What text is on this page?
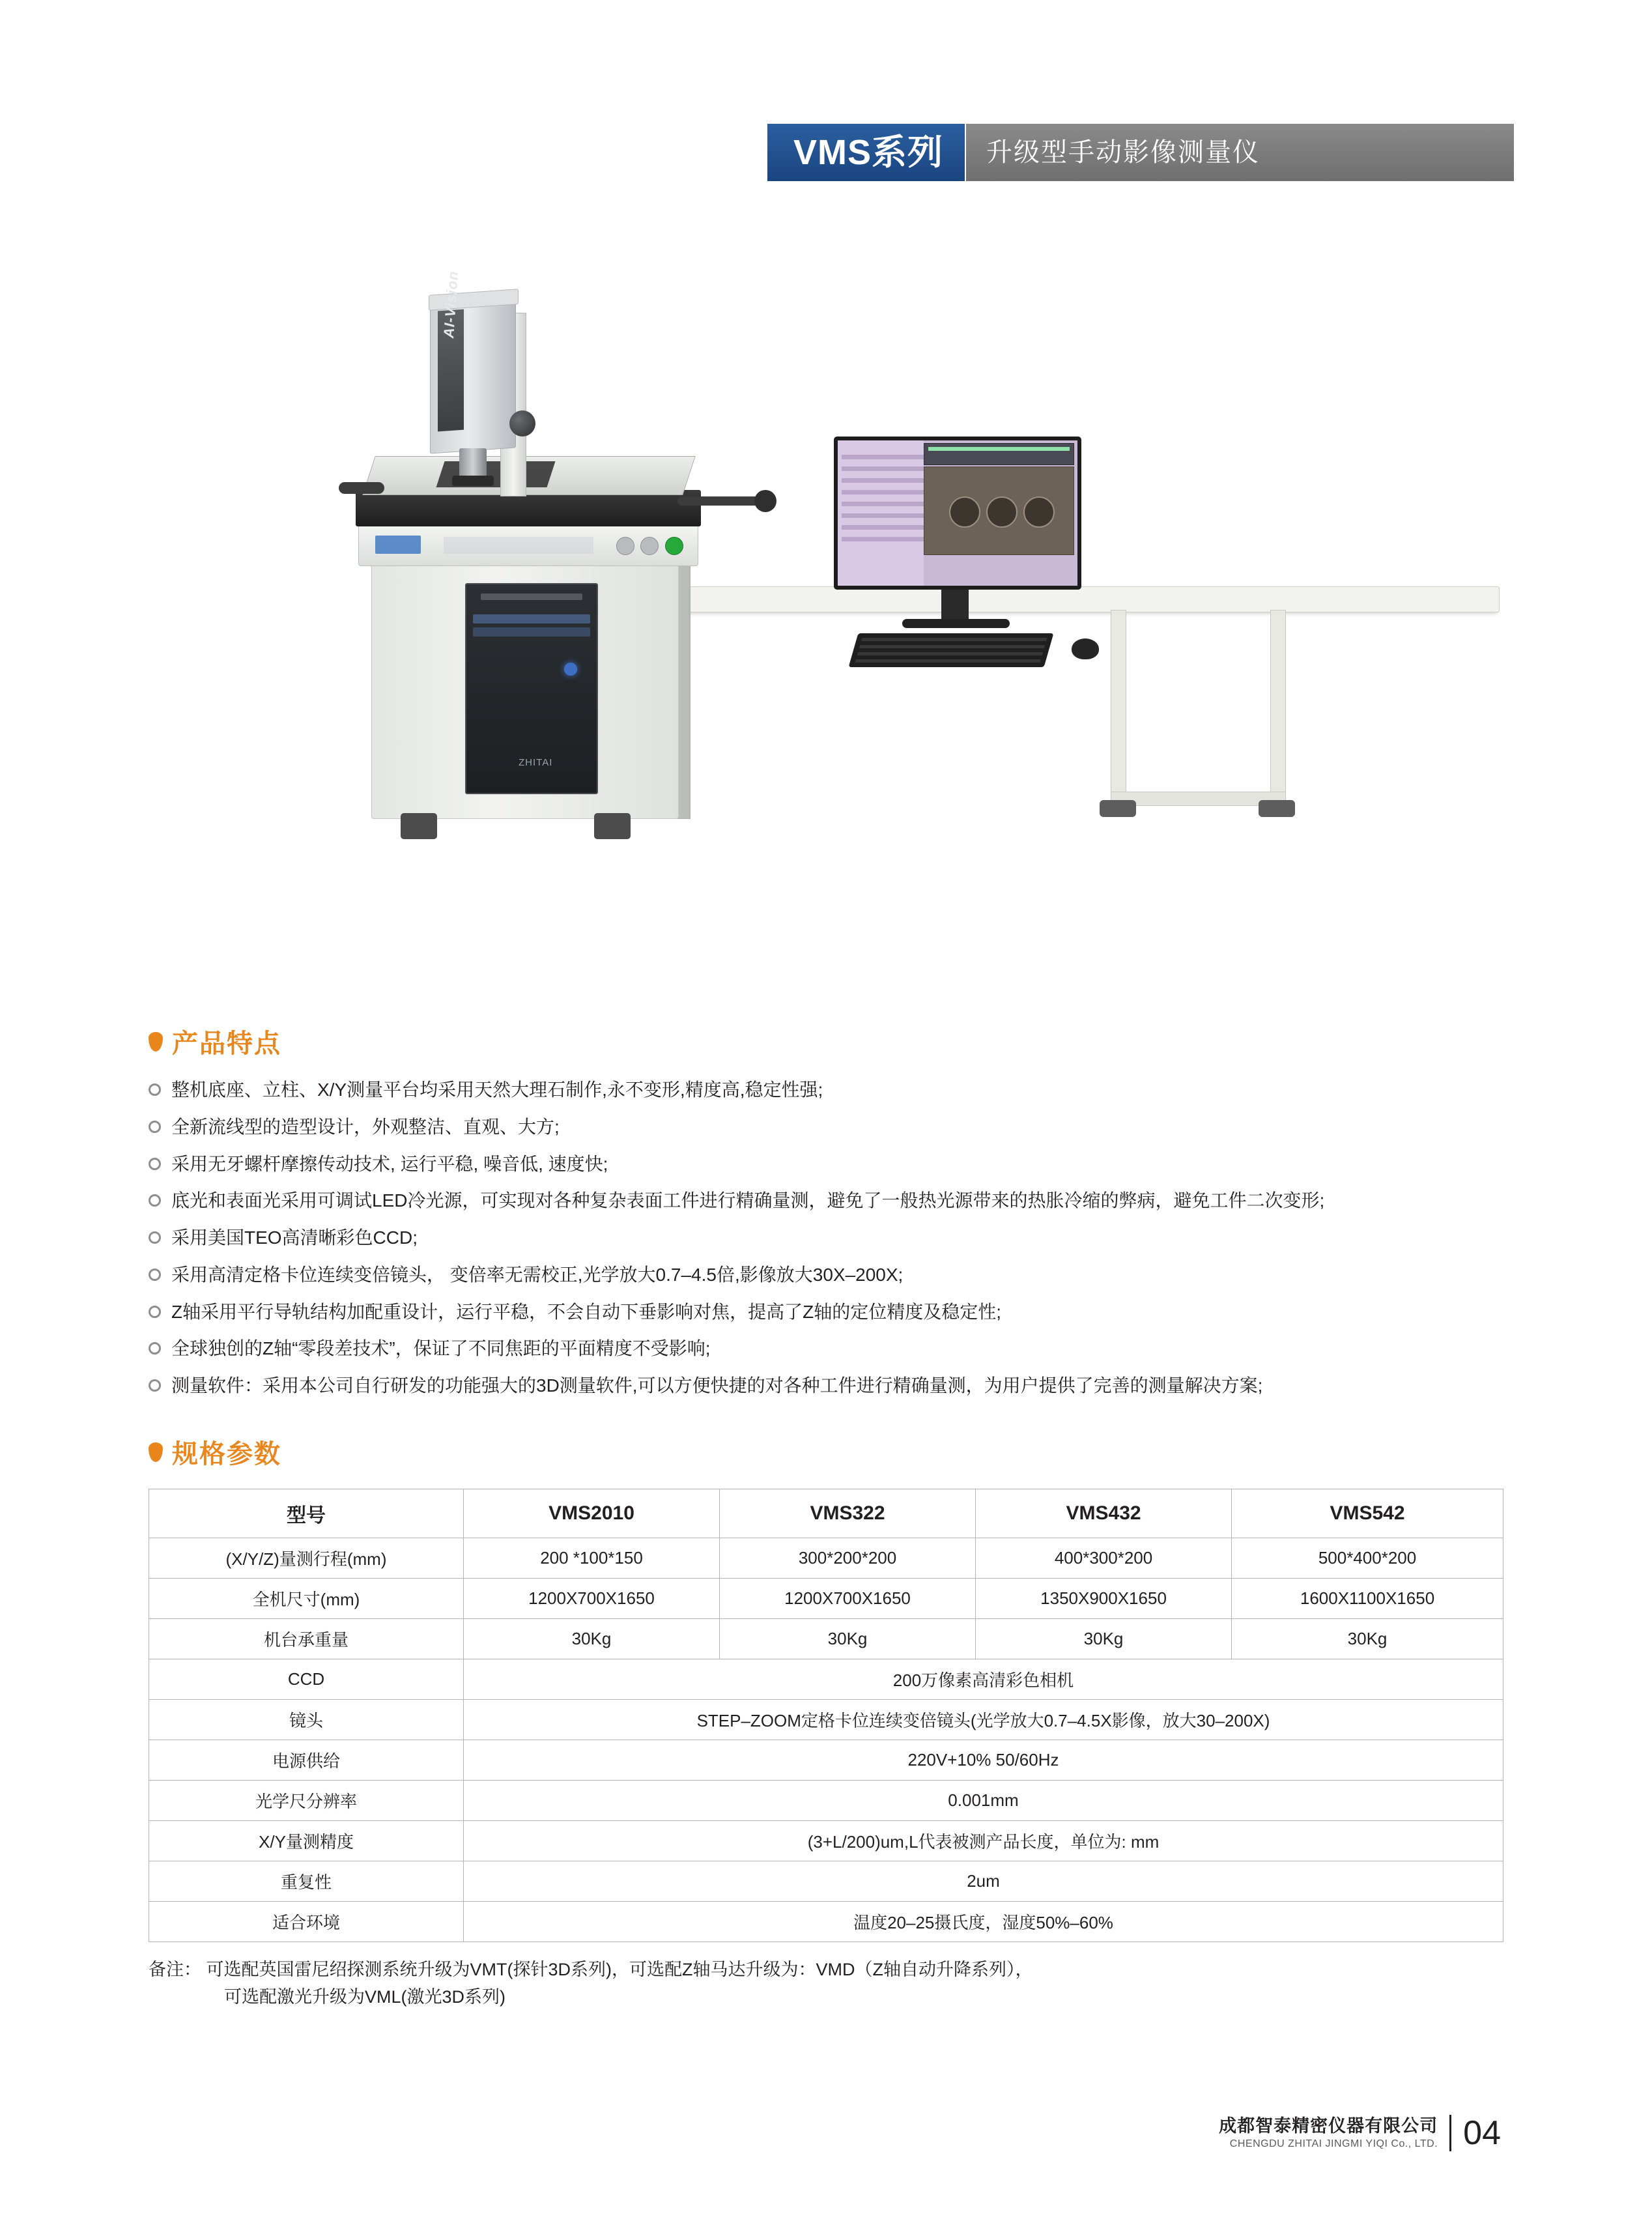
VMS系列 升级型手动影像测量仪
ZHITAI
AI-Vision
产品特点
整机底座、立柱、X/Y测量平台均采用天然大理石制作,永不变形,精度高,稳定性强;
全新流线型的造型设计，外观整洁、直观、大方;
采用无牙螺杆摩擦传动技术, 运行平稳, 噪音低, 速度快;
底光和表面光采用可调试LED冷光源，可实现对各种复杂表面工件进行精确量测，避免了一般热光源带来的热胀冷缩的弊病，避免工件二次变形;
采用美国TEO高清晰彩色CCD;
采用高清定格卡位连续变倍镜头， 变倍率无需校正,光学放大0.7–4.5倍,影像放大30X–200X;
Z轴采用平行导轨结构加配重设计，运行平稳，不会自动下垂影响对焦，提高了Z轴的定位精度及稳定性;
全球独创的Z轴“零段差技术”，保证了不同焦距的平面精度不受影响;
测量软件：采用本公司自行研发的功能强大的3D测量软件,可以方便快捷的对各种工件进行精确量测，为用户提供了完善的测量解决方案;
规格参数
型号	VMS2010	VMS322	VMS432	VMS542
(X/Y/Z)量测行程(mm)	200 *100*150	300*200*200	400*300*200	500*400*200
全机尺寸(mm)	1200X700X1650	1200X700X1650	1350X900X1650	1600X1100X1650
机台承重量	30Kg	30Kg	30Kg	30Kg
CCD	200万像素高清彩色相机			
镜头	STEP–ZOOM定格卡位连续变倍镜头(光学放大0.7–4.5X影像，放大30–200X)			
电源供给	220V+10% 50/60Hz			
光学尺分辨率	0.001mm			
X/Y量测精度	(3+L/200)um,L代表被测产品长度，单位为: mm			
重复性	2um			
适合环境	温度20–25摄氏度，湿度50%–60%			
备注： 可选配英国雷尼绍探测系统升级为VMT(探针3D系列)，可选配Z轴马达升级为：VMD（Z轴自动升降系列），
可选配激光升级为VML(激光3D系列)
成都智泰精密仪器有限公司
CHENGDU ZHITAI JINGMI YIQI Co., LTD. 04
